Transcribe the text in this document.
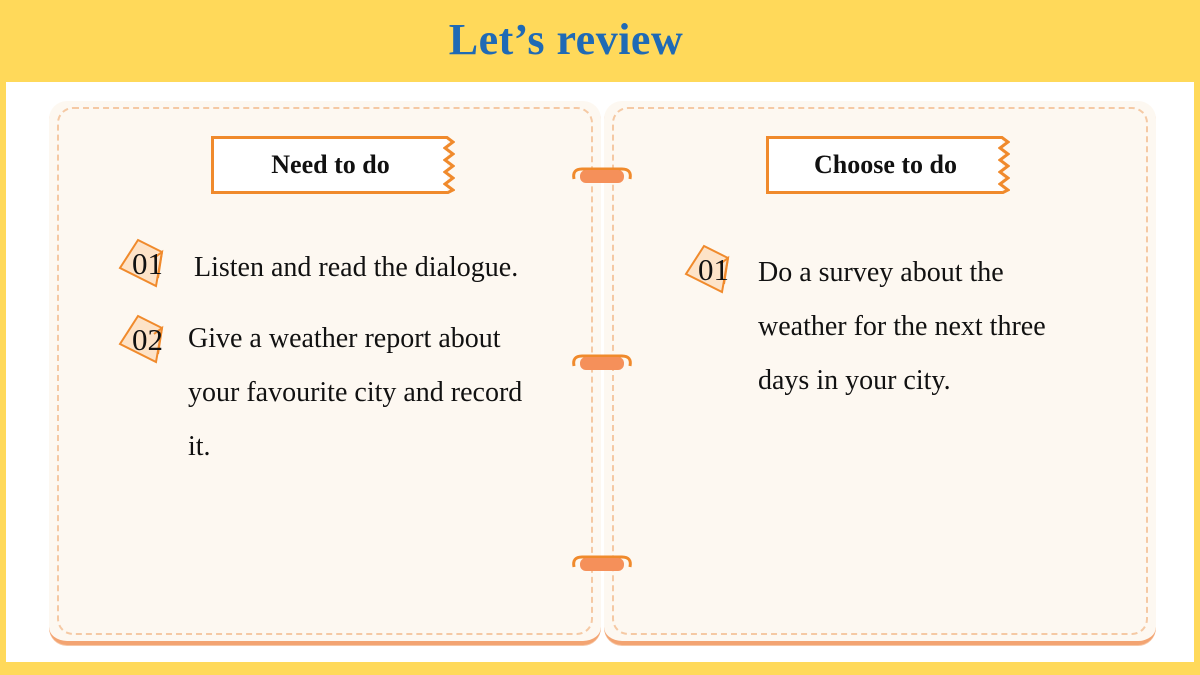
Let’s review
Need to do	Choose to do
01 Listen and read the dialogue.
02 Give a weather report about
your favourite city and record
it.
01 Do a survey about the
weather for the next three
days in your city.
